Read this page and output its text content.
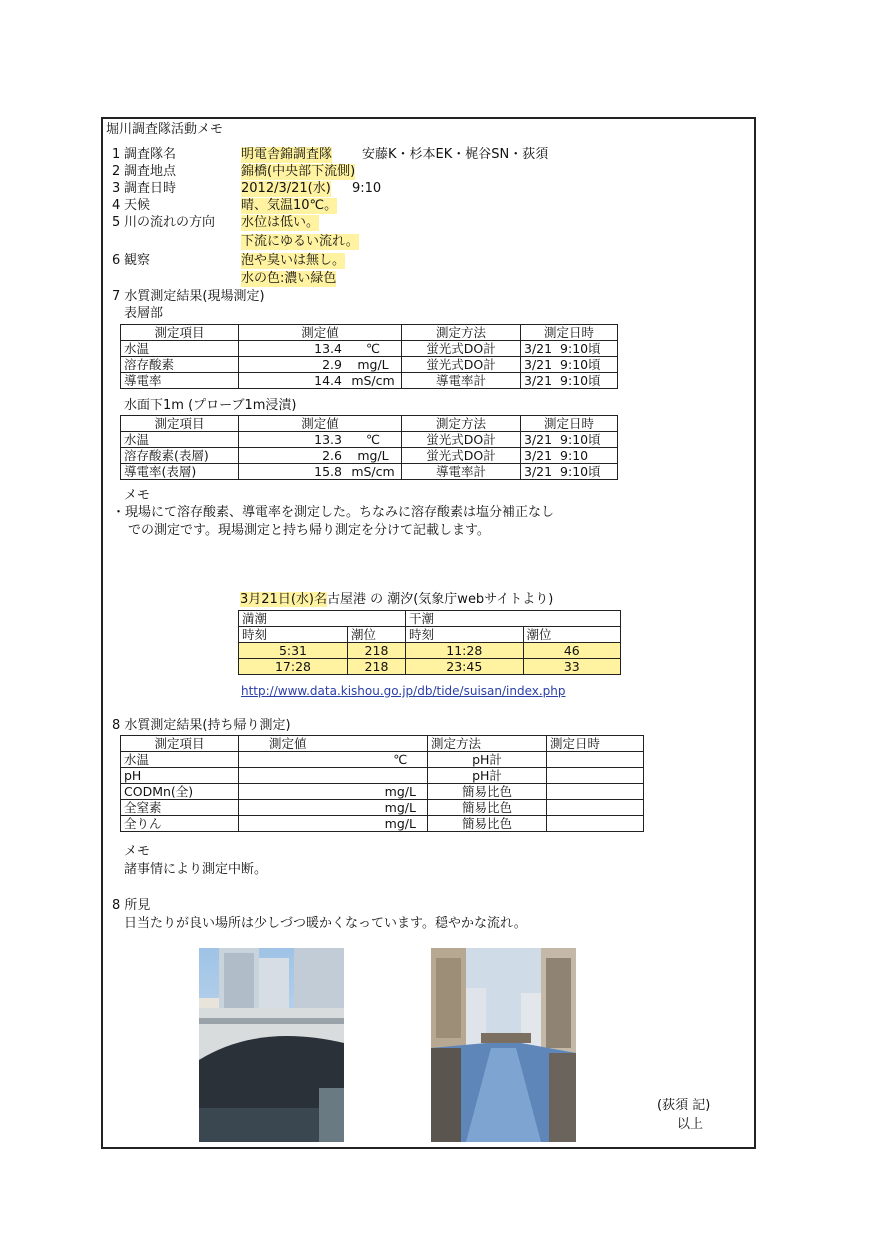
堀川調査隊活動メモ
1 調査隊名	明電舎錦調査隊 安藤K・杉本EK・梶谷SN・荻須
2 調査地点	錦橋(中央部下流側)
3 調査日時	2012/3/21(水) 9:10
4 天候	晴、気温10℃。
5 川の流れの方向 水位は低い。
下流にゆるい流れ。
6 観察	泡や臭いは無し。
水の色:濃い緑色
7 水質測定結果(現場測定)
表層部
測定項目	測定値		測定方法	測定日時
水温	13.4	℃	蛍光式DO計	3/21 9:10頃
溶存酸素	2.9	mg/L	蛍光式DO計	3/21 9:10頃
導電率	14.4	mS/cm	導電率計	3/21 9:10頃
水面下1m (プローブ1m浸漬)
測定項目	測定値		測定方法	測定日時
水温	13.3	℃	蛍光式DO計	3/21 9:10頃
溶存酸素(表層)	2.6	mg/L	蛍光式DO計	3/21 9:10
導電率(表層)	15.8	mS/cm	導電率計	3/21 9:10頃
メモ
・現場にて溶存酸素、導電率を測定した。ちなみに溶存酸素は塩分補正なし
での測定です。現場測定と持ち帰り測定を分けて記載します。
3月21日(水)名古屋港 の 潮汐(気象庁webサイトより)
満潮		干潮	
時刻	潮位	時刻	潮位
5:31	218	11:28	46
17:28	218	23:45	33
http://www.data.kishou.go.jp/db/tide/suisan/index.php
8 水質測定結果(持ち帰り測定)
測定項目	測定値		測定方法	測定日時
水温		℃	pH計	
pH			pH計	
CODMn(全)		mg/L	簡易比色	
全窒素		mg/L	簡易比色	
全りん		mg/L	簡易比色	
メモ
諸事情により測定中断。
8 所見
日当たりが良い場所は少しづつ暖かくなっています。穏やかな流れ。
(荻須 記)
以上
